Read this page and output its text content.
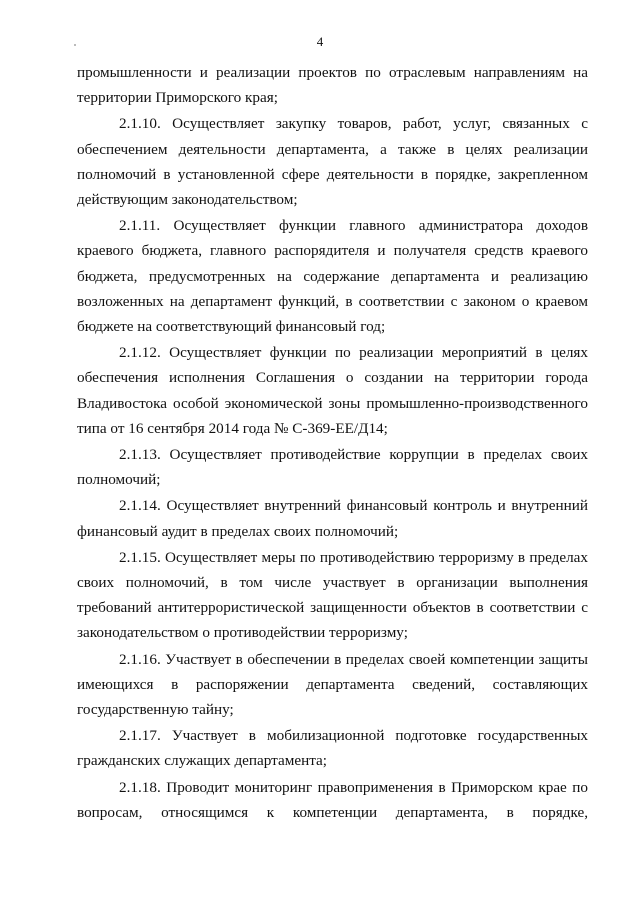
4

промышленности и реализации проектов по отраслевым направлениям на территории Приморского края;

2.1.10. Осуществляет закупку товаров, работ, услуг, связанных с обеспечением деятельности департамента, а также в целях реализации полномочий в установленной сфере деятельности в порядке, закрепленном действующим законодательством;

2.1.11. Осуществляет функции главного администратора доходов краевого бюджета, главного распорядителя и получателя средств краевого бюджета, предусмотренных на содержание департамента и реализацию возложенных на департамент функций, в соответствии с законом о краевом бюджете на соответствующий финансовый год;

2.1.12. Осуществляет функции по реализации мероприятий в целях обеспечения исполнения Соглашения о создании на территории города Владивостока особой экономической зоны промышленно-производственного типа от 16 сентября 2014 года № С-369-ЕЕ/Д14;

2.1.13. Осуществляет противодействие коррупции в пределах своих полномочий;

2.1.14. Осуществляет внутренний финансовый контроль и внутренний финансовый аудит в пределах своих полномочий;

2.1.15. Осуществляет меры по противодействию терроризму в пределах своих полномочий, в том числе участвует в организации выполнения требований антитеррористической защищенности объектов в соответствии с законодательством о противодействии терроризму;

2.1.16. Участвует в обеспечении в пределах своей компетенции защиты имеющихся в распоряжении департамента сведений, составляющих государственную тайну;

2.1.17. Участвует в мобилизационной подготовке государственных гражданских служащих департамента;

2.1.18. Проводит мониторинг правоприменения в Приморском крае по вопросам, относящимся к компетенции департамента, в порядке,
